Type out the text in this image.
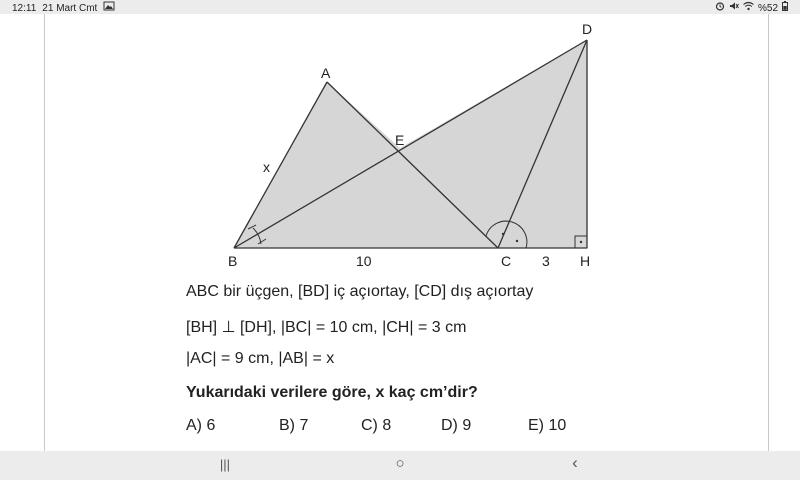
12:11 21 Mart Cmt	%52
A
B	C
D
E
H
x
10	3
ABC bir üçgen, [BD] iç açıortay, [CD] dış açıortay
[BH] ⊥ [DH], |BC| = 10 cm, |CH| = 3 cm
|AC| = 9 cm, |AB| = x
Yukarıdaki verilere göre, x kaç cm’dir?
A) 6	B) 7	C) 8	D) 9	E) 10
|||	○	‹
